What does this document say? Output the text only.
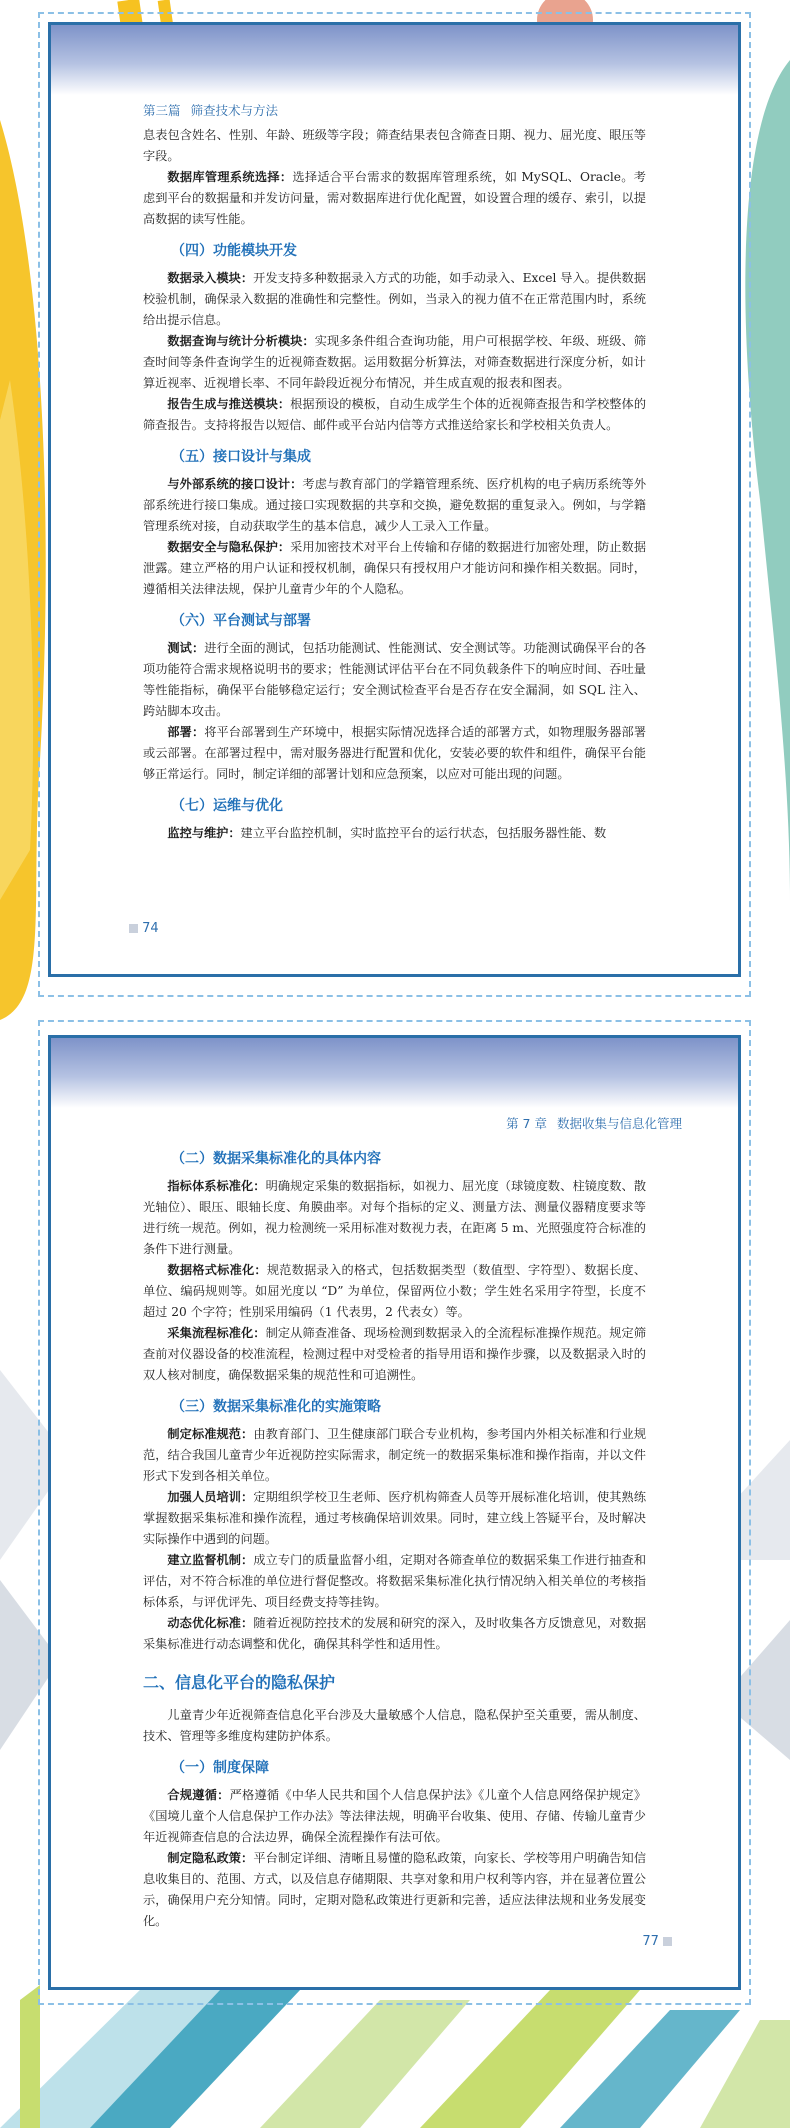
第三篇 筛查技术与方法

息表包含姓名、性别、年龄、班级等字段；筛查结果表包含筛查日期、视力、屈光度、眼压等字段。

数据库管理系统选择：选择适合平台需求的数据库管理系统，如 MySQL、Oracle。考虑到平台的数据量和并发访问量，需对数据库进行优化配置，如设置合理的缓存、索引，以提高数据的读写性能。

（四）功能模块开发

数据录入模块：开发支持多种数据录入方式的功能，如手动录入、Excel 导入。提供数据校验机制，确保录入数据的准确性和完整性。例如，当录入的视力值不在正常范围内时，系统给出提示信息。

数据查询与统计分析模块：实现多条件组合查询功能，用户可根据学校、年级、班级、筛查时间等条件查询学生的近视筛查数据。运用数据分析算法，对筛查数据进行深度分析，如计算近视率、近视增长率、不同年龄段近视分布情况，并生成直观的报表和图表。

报告生成与推送模块：根据预设的模板，自动生成学生个体的近视筛查报告和学校整体的筛查报告。支持将报告以短信、邮件或平台站内信等方式推送给家长和学校相关负责人。

（五）接口设计与集成

与外部系统的接口设计：考虑与教育部门的学籍管理系统、医疗机构的电子病历系统等外部系统进行接口集成。通过接口实现数据的共享和交换，避免数据的重复录入。例如，与学籍管理系统对接，自动获取学生的基本信息，减少人工录入工作量。

数据安全与隐私保护：采用加密技术对平台上传输和存储的数据进行加密处理，防止数据泄露。建立严格的用户认证和授权机制，确保只有授权用户才能访问和操作相关数据。同时，遵循相关法律法规，保护儿童青少年的个人隐私。

（六）平台测试与部署

测试：进行全面的测试，包括功能测试、性能测试、安全测试等。功能测试确保平台的各项功能符合需求规格说明书的要求；性能测试评估平台在不同负载条件下的响应时间、吞吐量等性能指标，确保平台能够稳定运行；安全测试检查平台是否存在安全漏洞，如 SQL 注入、跨站脚本攻击。

部署：将平台部署到生产环境中，根据实际情况选择合适的部署方式，如物理服务器部署或云部署。在部署过程中，需对服务器进行配置和优化，安装必要的软件和组件，确保平台能够正常运行。同时，制定详细的部署计划和应急预案，以应对可能出现的问题。

（七）运维与优化

监控与维护：建立平台监控机制，实时监控平台的运行状态，包括服务器性能、数

74
第 7 章 数据收集与信息化管理
（二）数据采集标准化的具体内容

指标体系标准化：明确规定采集的数据指标，如视力、屈光度（球镜度数、柱镜度数、散光轴位）、眼压、眼轴长度、角膜曲率。对每个指标的定义、测量方法、测量仪器精度要求等进行统一规范。例如，视力检测统一采用标准对数视力表，在距离 5 m、光照强度符合标准的条件下进行测量。

数据格式标准化：规范数据录入的格式，包括数据类型（数值型、字符型）、数据长度、单位、编码规则等。如屈光度以 “D” 为单位，保留两位小数；学生姓名采用字符型，长度不超过 20 个字符；性别采用编码（1 代表男，2 代表女）等。

采集流程标准化：制定从筛查准备、现场检测到数据录入的全流程标准操作规范。规定筛查前对仪器设备的校准流程，检测过程中对受检者的指导用语和操作步骤，以及数据录入时的双人核对制度，确保数据采集的规范性和可追溯性。

（三）数据采集标准化的实施策略

制定标准规范：由教育部门、卫生健康部门联合专业机构，参考国内外相关标准和行业规范，结合我国儿童青少年近视防控实际需求，制定统一的数据采集标准和操作指南，并以文件形式下发到各相关单位。

加强人员培训：定期组织学校卫生老师、医疗机构筛查人员等开展标准化培训，使其熟练掌握数据采集标准和操作流程，通过考核确保培训效果。同时，建立线上答疑平台，及时解决实际操作中遇到的问题。

建立监督机制：成立专门的质量监督小组，定期对各筛查单位的数据采集工作进行抽查和评估，对不符合标准的单位进行督促整改。将数据采集标准化执行情况纳入相关单位的考核指标体系，与评优评先、项目经费支持等挂钩。

动态优化标准：随着近视防控技术的发展和研究的深入，及时收集各方反馈意见，对数据采集标准进行动态调整和优化，确保其科学性和适用性。

二、信息化平台的隐私保护

儿童青少年近视筛查信息化平台涉及大量敏感个人信息，隐私保护至关重要，需从制度、技术、管理等多维度构建防护体系。

（一）制度保障

合规遵循：严格遵循《中华人民共和国个人信息保护法》《儿童个人信息网络保护规定》《国境儿童个人信息保护工作办法》等法律法规，明确平台收集、使用、存储、传输儿童青少年近视筛查信息的合法边界，确保全流程操作有法可依。

制定隐私政策：平台制定详细、清晰且易懂的隐私政策，向家长、学校等用户明确告知信息收集目的、范围、方式，以及信息存储期限、共享对象和用户权利等内容，并在显著位置公示，确保用户充分知情。同时，定期对隐私政策进行更新和完善，适应法律法规和业务发展变化。

77
